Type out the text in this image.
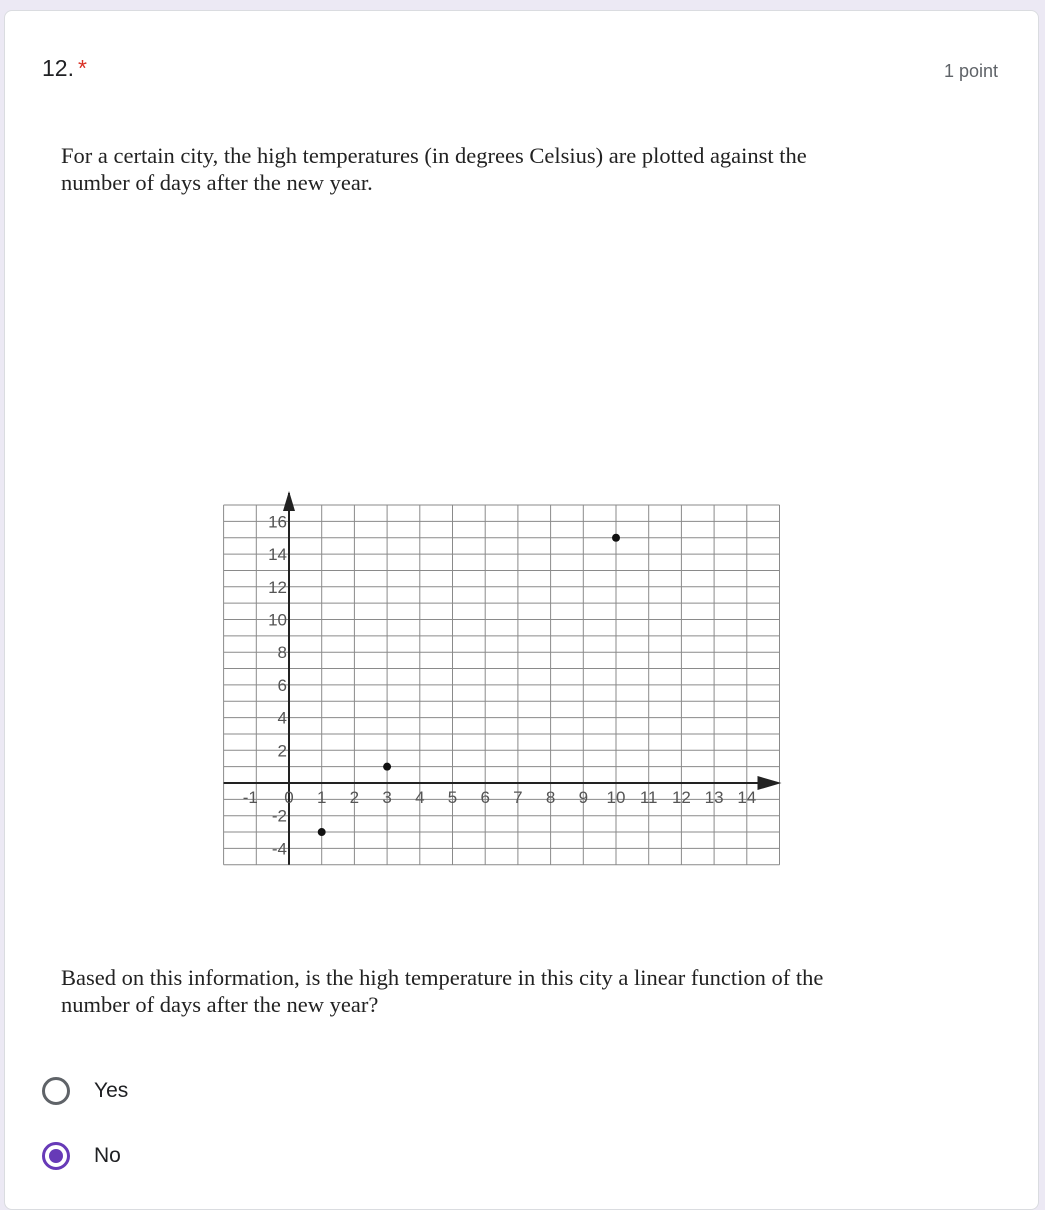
12. *	1 point
For a certain city, the high temperatures (in degrees Celsius) are plotted against the
number of days after the new year.
-1 0 1 2 3 4 5 6 7 8 9 10 11 12 13 14
16
14
12
10
8
6
4
2
-2
-4
Based on this information, is the high temperature in this city a linear function of the
number of days after the new year?
Yes
No
